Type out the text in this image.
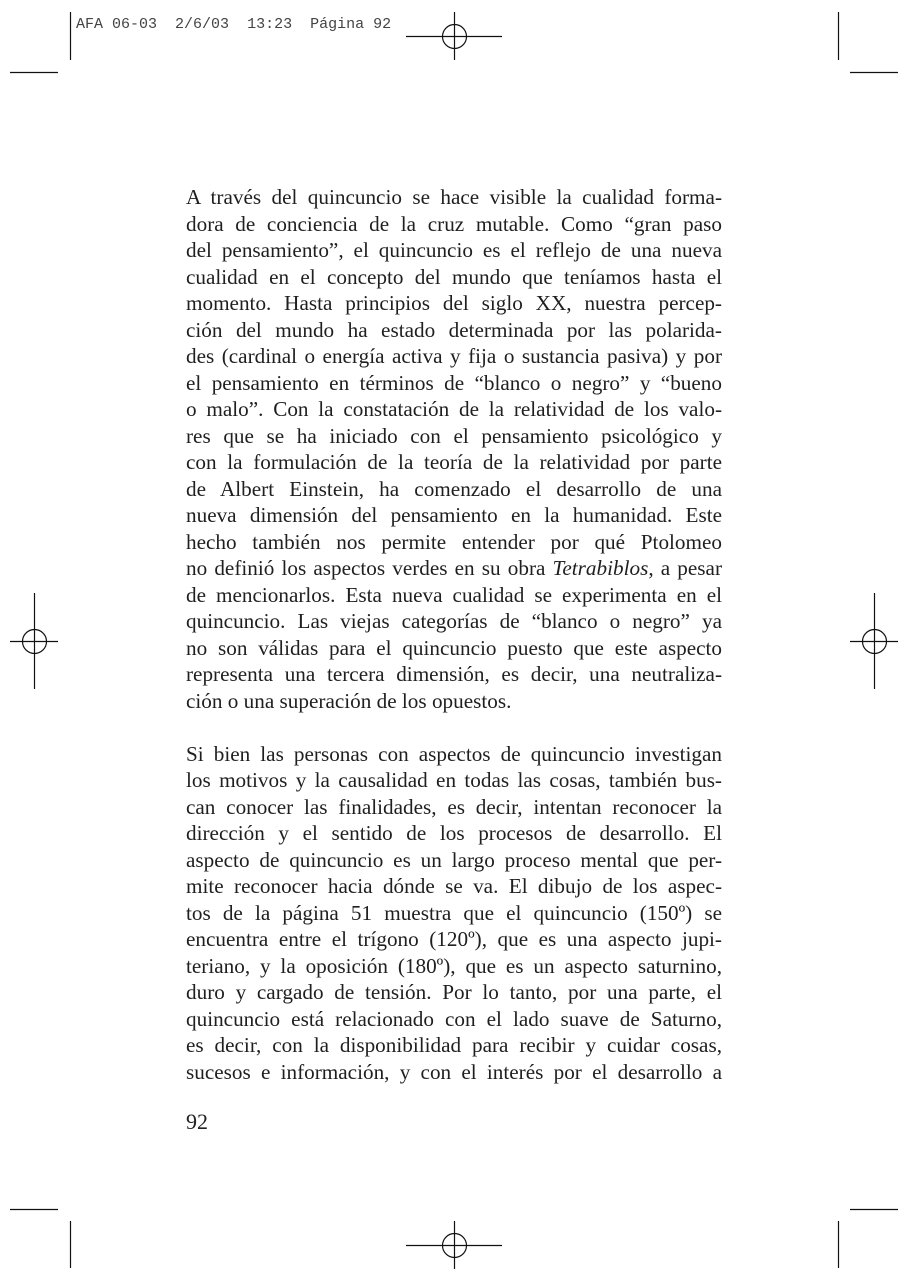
AFA 06-03 2/6/03 13:23 Página 92

A través del quincuncio se hace visible la cualidad forma-
dora de conciencia de la cruz mutable. Como “gran paso
del pensamiento”, el quincuncio es el reflejo de una nueva
cualidad en el concepto del mundo que teníamos hasta el
momento. Hasta principios del siglo XX, nuestra percep-
ción del mundo ha estado determinada por las polarida-
des (cardinal o energía activa y fija o sustancia pasiva) y por
el pensamiento en términos de “blanco o negro” y “bueno
o malo”. Con la constatación de la relatividad de los valo-
res que se ha iniciado con el pensamiento psicológico y
con la formulación de la teoría de la relatividad por parte
de Albert Einstein, ha comenzado el desarrollo de una
nueva dimensión del pensamiento en la humanidad. Este
hecho también nos permite entender por qué Ptolomeo
no definió los aspectos verdes en su obra Tetrabiblos, a pesar
de mencionarlos. Esta nueva cualidad se experimenta en el
quincuncio. Las viejas categorías de “blanco o negro” ya
no son válidas para el quincuncio puesto que este aspecto
representa una tercera dimensión, es decir, una neutraliza-
ción o una superación de los opuestos.

Si bien las personas con aspectos de quincuncio investigan
los motivos y la causalidad en todas las cosas, también bus-
can conocer las finalidades, es decir, intentan reconocer la
dirección y el sentido de los procesos de desarrollo. El
aspecto de quincuncio es un largo proceso mental que per-
mite reconocer hacia dónde se va. El dibujo de los aspec-
tos de la página 51 muestra que el quincuncio (150º) se
encuentra entre el trígono (120º), que es una aspecto jupi-
teriano, y la oposición (180º), que es un aspecto saturnino,
duro y cargado de tensión. Por lo tanto, por una parte, el
quincuncio está relacionado con el lado suave de Saturno,
es decir, con la disponibilidad para recibir y cuidar cosas,
sucesos e información, y con el interés por el desarrollo a

92
